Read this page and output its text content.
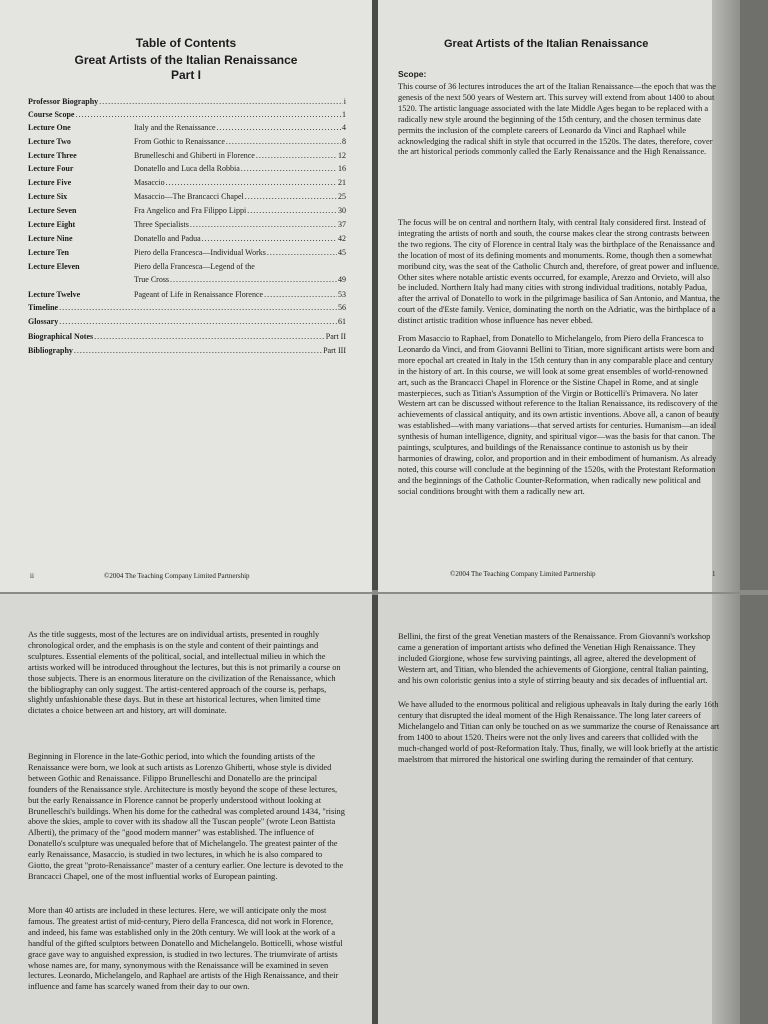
Table of Contents
Great Artists of the Italian Renaissance
Part I
Professor Biography .....	i
Course Scope .....	1
Lecture One	Italy and the Renaissance .....	4
Lecture Two	From Gothic to Renaissance .....	8
Lecture Three	Brunelleschi and Ghiberti in Florence .....	12
Lecture Four	Donatello and Luca della Robbia .....	16
Lecture Five	Masaccio .....	21
Lecture Six	Masaccio—The Brancacci Chapel .....	25
Lecture Seven	Fra Angelico and Fra Filippo Lippi .....	30
Lecture Eight	Three Specialists .....	37
Lecture Nine	Donatello and Padua .....	42
Lecture Ten	Piero della Francesca—Individual Works .....	45
Lecture Eleven	Piero della Francesca—Legend of the
True Cross .....	49
Lecture Twelve	Pageant of Life in Renaissance Florence .....	53
Timeline .....	56
Glossary .....	61
Biographical Notes .....	Part II
Bibliography .....	Part III
ii	©2004 The Teaching Company Limited Partnership
Great Artists of the Italian Renaissance
Scope:

This course of 36 lectures introduces the art of the Italian Renaissance—the epoch that was the genesis of the next 500 years of Western art. This survey will extend from about 1400 to about 1520. The artistic language associated with the late Middle Ages began to be replaced with a radically new style around the beginning of the 15th century, and the chosen terminus date permits the inclusion of the complete careers of Leonardo da Vinci and Raphael while acknowledging the radical shift in style that occurred in the 1520s. The dates, therefore, cover the art historical periods commonly called the Early Renaissance and the High Renaissance.

The focus will be on central and northern Italy, with central Italy considered first. Instead of integrating the artists of north and south, the course makes clear the strong contrasts between the two regions. The city of Florence in central Italy was the birthplace of the Renaissance and the location of most of its defining moments and monuments. Rome, though then a somewhat moribund city, was the seat of the Catholic Church and, therefore, of great power and influence. Other sites where notable artistic events occurred, for example, Arezzo and Orvieto, will also be included. Northern Italy had many cities with strong individual traditions, notably Padua, after the arrival of Donatello to work in the pilgrimage basilica of San Antonio, and Mantua, the court of the d'Este family. Venice, dominating the north on the Adriatic, was the birthplace of a distinct artistic tradition whose influence has never ebbed.

From Masaccio to Raphael, from Donatello to Michelangelo, from Piero della Francesca to Leonardo da Vinci, and from Giovanni Bellini to Titian, more significant artists were born and more epochal art created in Italy in the 15th century than in any comparable place and century in the history of art. In this course, we will look at some great ensembles of world-renowned art, such as the Brancacci Chapel in Florence or the Sistine Chapel in Rome, and at single masterpieces, such as Titian's Assumption of the Virgin or Botticelli's Primavera. No later Western art can be discussed without reference to the Italian Renaissance, its rediscovery of the achievements of classical antiquity, and its own artistic inventions. Above all, a canon of beauty was established—with many variations—that served artists for centuries. Humanism—an ideal synthesis of human intelligence, dignity, and spiritual vigor—was the basis for that canon. The paintings, sculptures, and buildings of the Renaissance continue to astonish us by their harmonies of drawing, color, and proportion and in their embodiment of humanism. As already noted, this course will conclude at the beginning of the 1520s, with the Protestant Reformation and the beginnings of the Catholic Counter-Reformation, when radically new political and social conditions brought with them a radically new art.

©2004 The Teaching Company Limited Partnership	1

As the title suggests, most of the lectures are on individual artists, presented in roughly chronological order, and the emphasis is on the style and content of their paintings and sculptures. Essential elements of the political, social, and intellectual milieu in which the artists worked will be introduced throughout the lectures, but this is not primarily a course on those subjects. There is an enormous literature on the civilization of the Renaissance, which the bibliography can only suggest. The artist-centered approach of the course is, perhaps, slightly unfashionable these days. But in these art historical lectures, when limited time dictates a choice between art and history, art will dominate.

Beginning in Florence in the late-Gothic period, into which the founding artists of the Renaissance were born, we look at such artists as Lorenzo Ghiberti, whose style is divided between Gothic and Renaissance. Filippo Brunelleschi and Donatello are the principal founders of the Renaissance style. Architecture is mostly beyond the scope of these lectures, but the early Renaissance in Florence cannot be properly understood without looking at Brunelleschi's buildings. When his dome for the cathedral was completed around 1434, "rising above the skies, ample to cover with its shadow all the Tuscan people" (wrote Leon Battista Alberti), the primacy of the "good modern manner" was established. The influence of Donatello's sculpture was unequaled before that of Michelangelo. The greatest painter of the early Renaissance, Masaccio, is studied in two lectures, in which he is also compared to Giotto, the great "proto-Renaissance" master of a century earlier. One lecture is devoted to the Brancacci Chapel, one of the most influential works of European painting.

More than 40 artists are included in these lectures. Here, we will anticipate only the most famous. The greatest artist of mid-century, Piero della Francesca, did not work in Florence, and indeed, his fame was established only in the 20th century. We will look at the work of a handful of the gifted sculptors between Donatello and Michelangelo. Botticelli, whose wistful grace gave way to anguished expression, is studied in two lectures. The triumvirate of artists whose names are, for many, synonymous with the Renaissance will be examined in seven lectures. Leonardo, Michelangelo, and Raphael are artists of the High Renaissance, and their influence and fame has scarcely waned from their day to our own.

Bellini, the first of the great Venetian masters of the Renaissance. From Giovanni's workshop came a generation of important artists who defined the Venetian High Renaissance. They included Giorgione, whose few surviving paintings, all agree, altered the development of Western art, and Titian, who blended the achievements of Giorgione, central Italian painting, and his own coloristic genius into a style of stirring beauty and six decades of influential art.

We have alluded to the enormous political and religious upheavals in Italy during the early 16th century that disrupted the ideal moment of the High Renaissance. The long later careers of Michelangelo and Titian can only be touched on as we summarize the course of Renaissance art from 1400 to about 1520. Theirs were not the only lives and careers that collided with the much-changed world of post-Reformation Italy. Thus, finally, we will look briefly at the artistic maelstrom that mirrored the historical one swirling during the remainder of that century.
